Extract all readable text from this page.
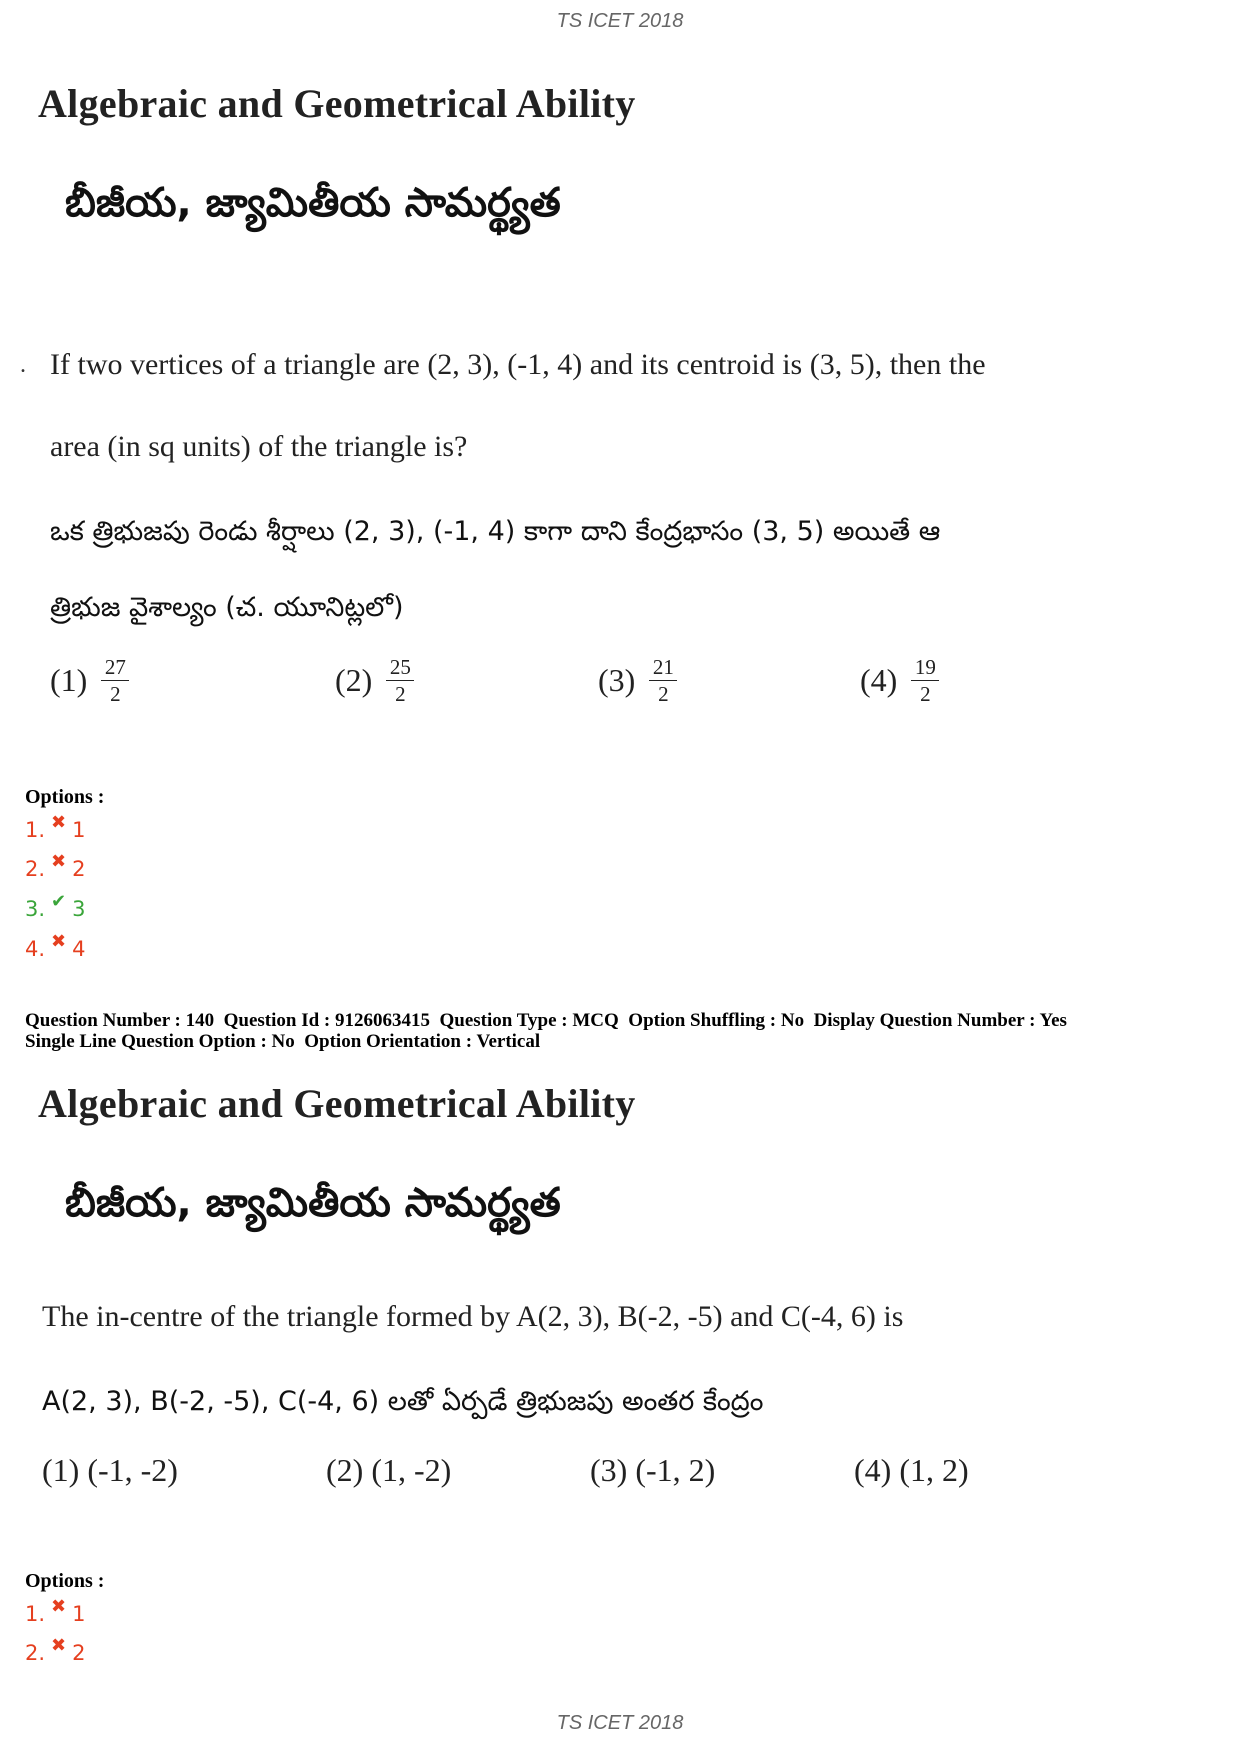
TS ICET 2018
Algebraic and Geometrical Ability
బీజీయ, జ్యామితీయ సామర్థ్యత
. If two vertices of a triangle are (2, 3), (-1, 4) and its centroid is (3, 5), then the
area (in sq units) of the triangle is?
ఒక త్రిభుజపు రెండు శీర్షాలు (2, 3), (-1, 4) కాగా దాని కేంద్రభాసం (3, 5) అయితే ఆ
త్రిభుజ వైశాల్యం (చ. యూనిట్లలో)
$(1) \frac{27}{2}$	$(2) \frac{25}{2}$	$(3) \frac{21}{2}$	$(4) \frac{19}{2}$
Options :
1. ✖ 1
2. ✖ 2
3. ✔ 3
4. ✖ 4
Question Number : 140  Question Id : 9126063415  Question Type : MCQ  Option Shuffling : No  Display Question Number : Yes
Single Line Question Option : No  Option Orientation : Vertical
Algebraic and Geometrical Ability
బీజీయ, జ్యామితీయ సామర్థ్యత
The in-centre of the triangle formed by A(2, 3), B(-2, -5) and C(-4, 6) is
A(2, 3), B(-2, -5), C(-4, 6) లతో ఏర్పడే త్రిభుజపు అంతర కేంద్రం
(1) (-1, -2)	(2) (1, -2)	(3) (-1, 2)	(4) (1, 2)
Options :
1. ✖ 1
2. ✖ 2
TS ICET 2018
